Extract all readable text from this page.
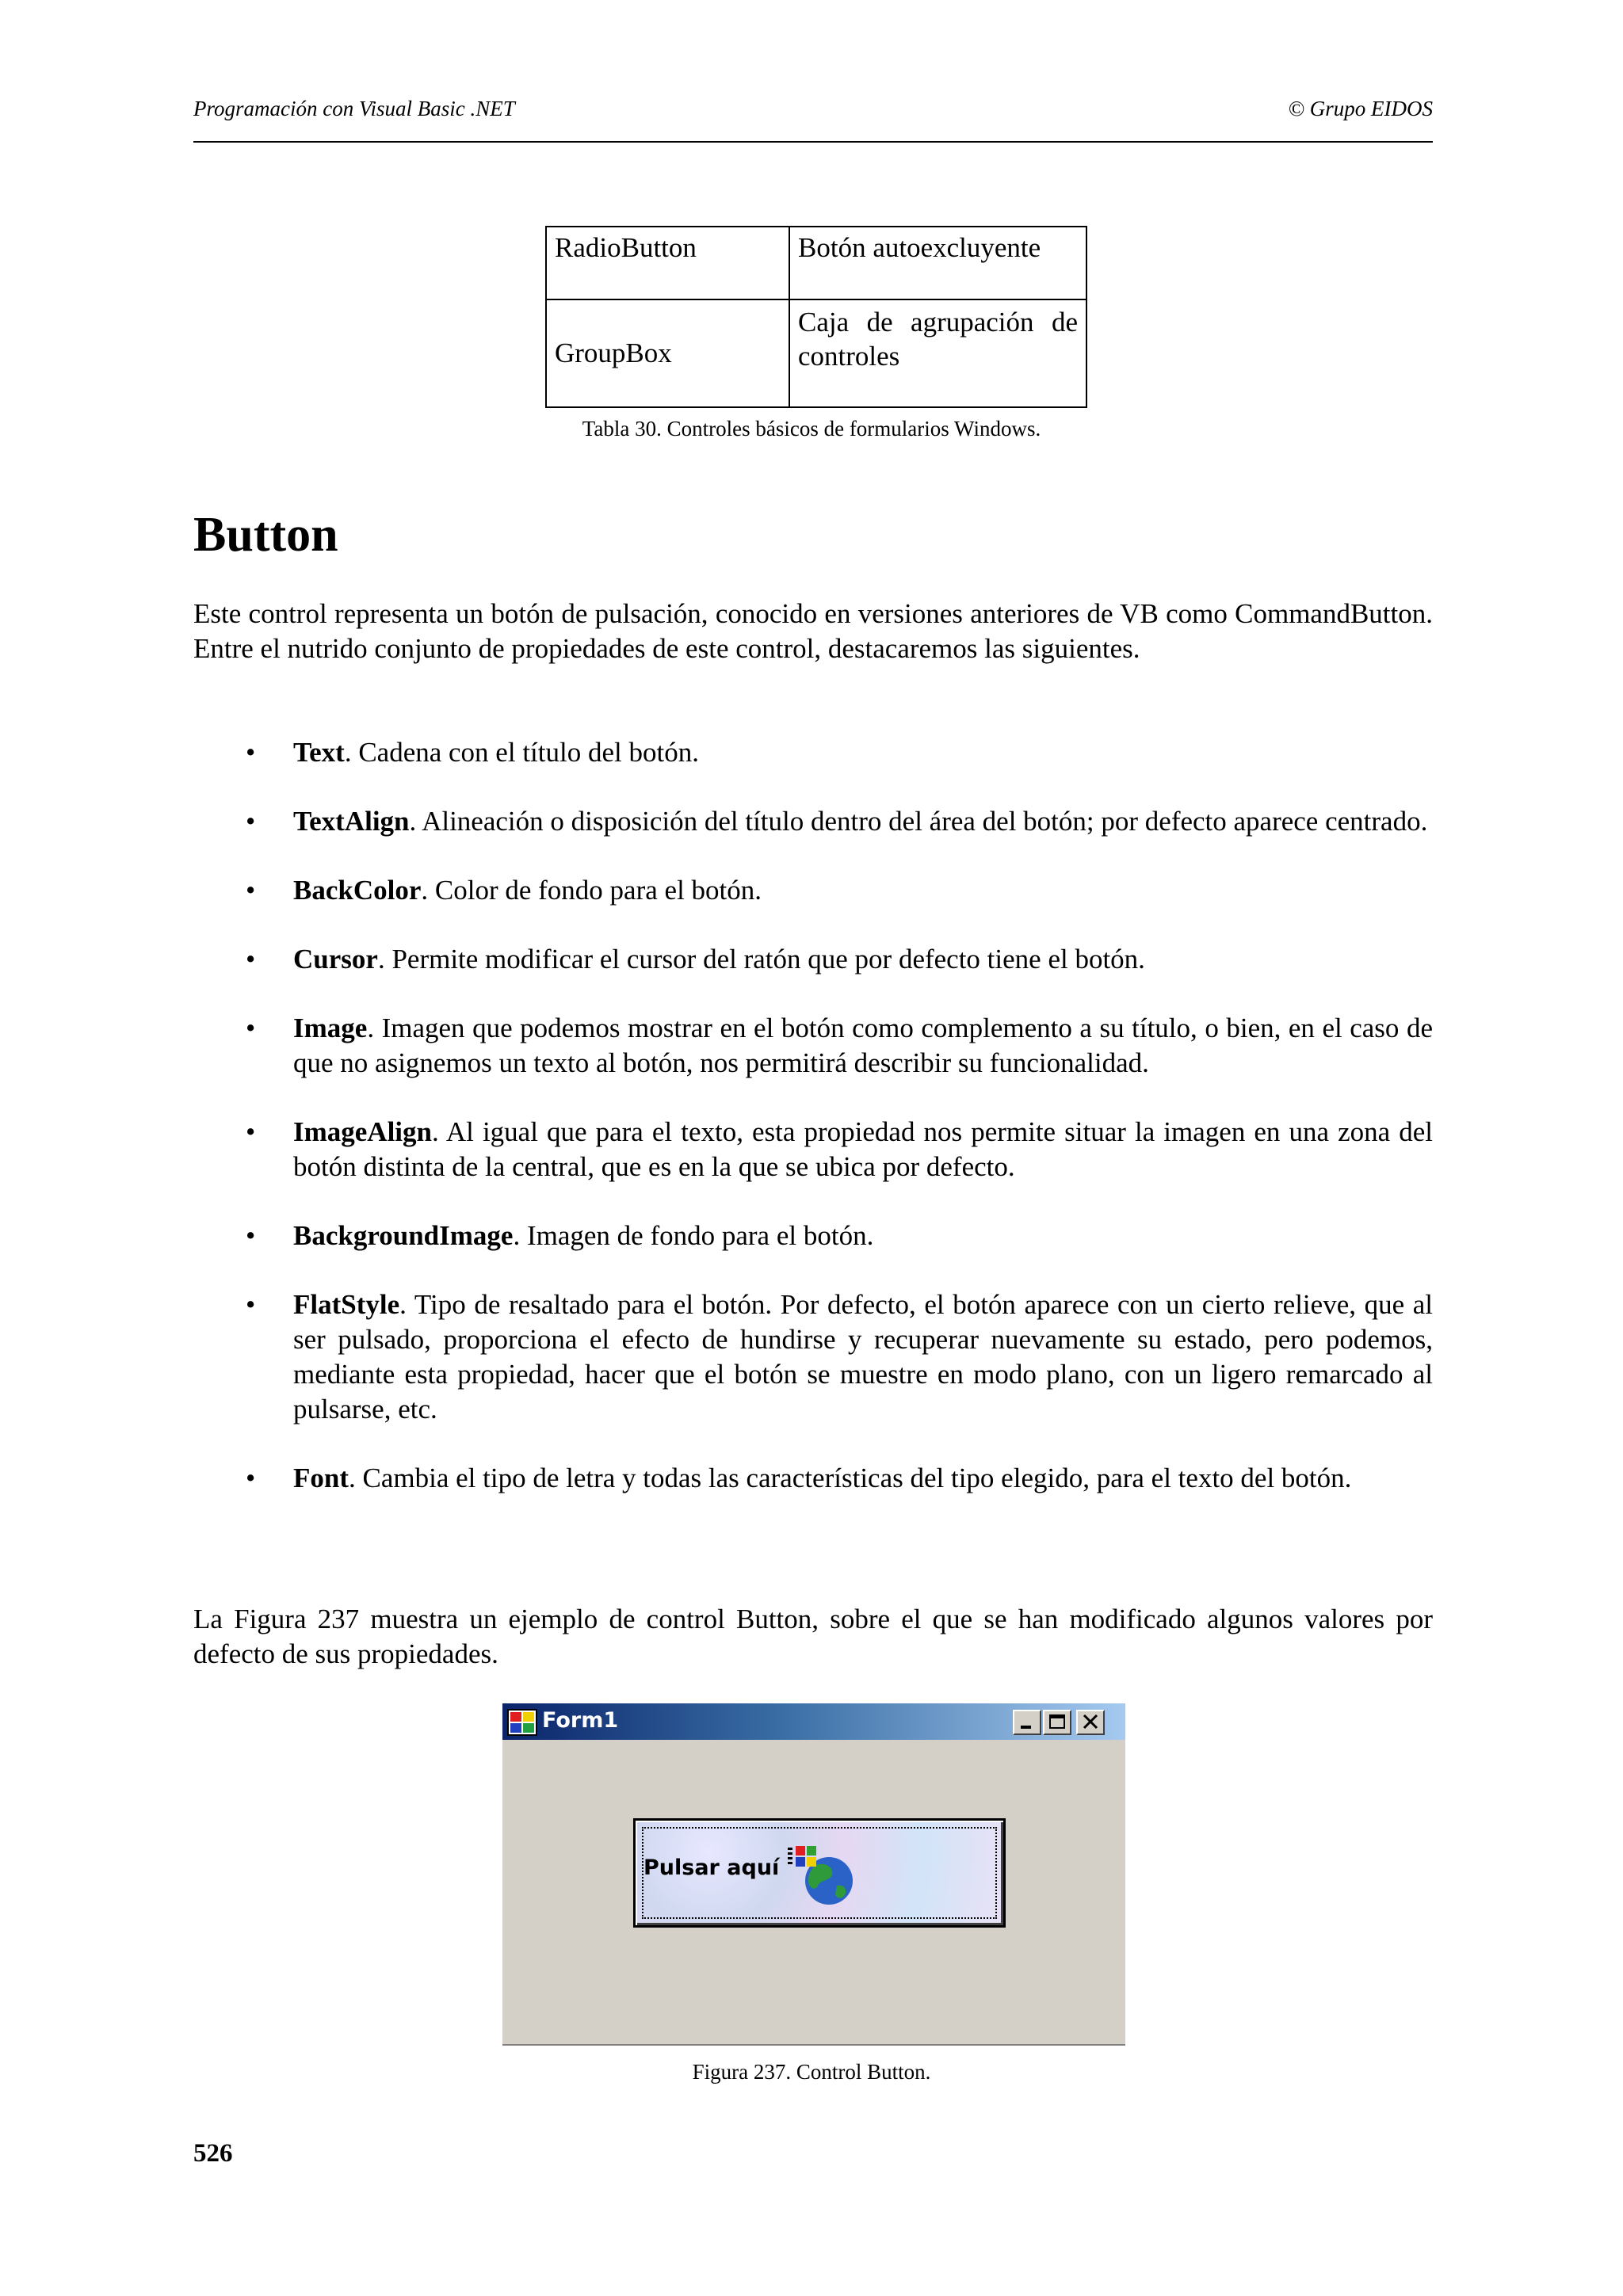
Programación con Visual Basic .NET	© Grupo EIDOS
RadioButton	Botón autoexcluyente
GroupBox	Caja de agrupación de controles
Tabla 30. Controles básicos de formularios Windows.
Button

Este control representa un botón de pulsación, conocido en versiones anteriores de VB como CommandButton. Entre el nutrido conjunto de propiedades de este control, destacaremos las siguientes.

• Text. Cadena con el título del botón.
• TextAlign. Alineación o disposición del título dentro del área del botón; por defecto aparece centrado.
• BackColor. Color de fondo para el botón.
• Cursor. Permite modificar el cursor del ratón que por defecto tiene el botón.
• Image. Imagen que podemos mostrar en el botón como complemento a su título, o bien, en el caso de que no asignemos un texto al botón, nos permitirá describir su funcionalidad.
• ImageAlign. Al igual que para el texto, esta propiedad nos permite situar la imagen en una zona del botón distinta de la central, que es en la que se ubica por defecto.
• BackgroundImage. Imagen de fondo para el botón.
• FlatStyle. Tipo de resaltado para el botón. Por defecto, el botón aparece con un cierto relieve, que al ser pulsado, proporciona el efecto de hundirse y recuperar nuevamente su estado, pero podemos, mediante esta propiedad, hacer que el botón se muestre en modo plano, con un ligero remarcado al pulsarse, etc.
• Font. Cambia el tipo de letra y todas las características del tipo elegido, para el texto del botón.

La Figura 237 muestra un ejemplo de control Button, sobre el que se han modificado algunos valores por defecto de sus propiedades.

Form1
Pulsar aquí
Figura 237. Control Button.
526
